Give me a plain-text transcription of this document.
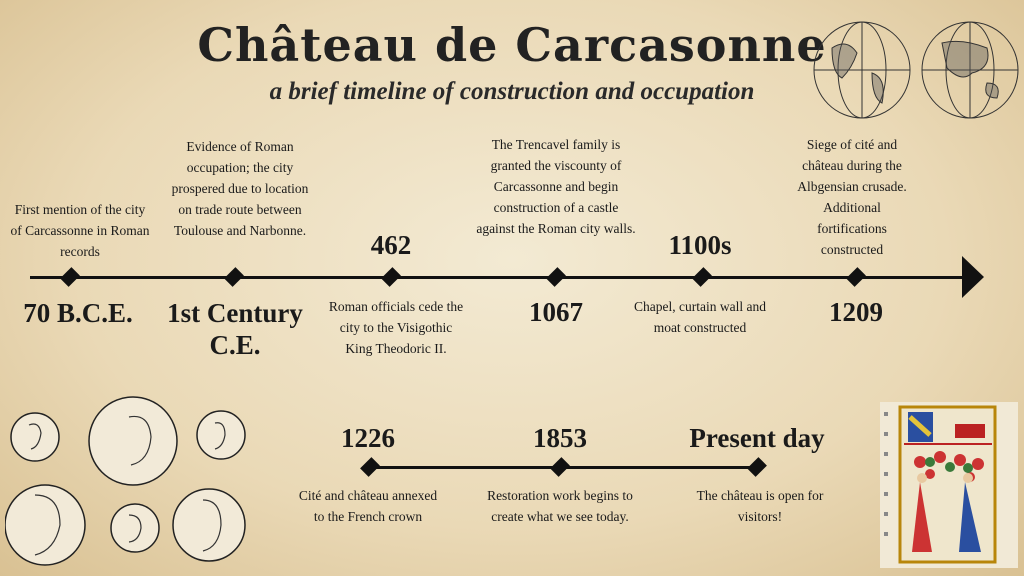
Château de Carcasonne
a brief timeline of construction and occupation
First mention of the city of Carcassonne in Roman records
70 B.C.E.
Evidence of Roman occupation; the city prospered due to location on trade route between Toulouse and Narbonne.
1st Century C.E.
462
Roman officials cede the city to the Visigothic King Theodoric II.
The Trencavel family is granted the viscounty of Carcassonne and begin construction of a castle against the Roman city walls.
1067
1100s
Chapel, curtain wall and moat constructed
Siege of cité and château during the Albgensian crusade. Additional fortifications constructed
1209
1226
Cité and château annexed to the French crown
1853
Restoration work begins to create what we see today.
Present day
The château is open for visitors!
